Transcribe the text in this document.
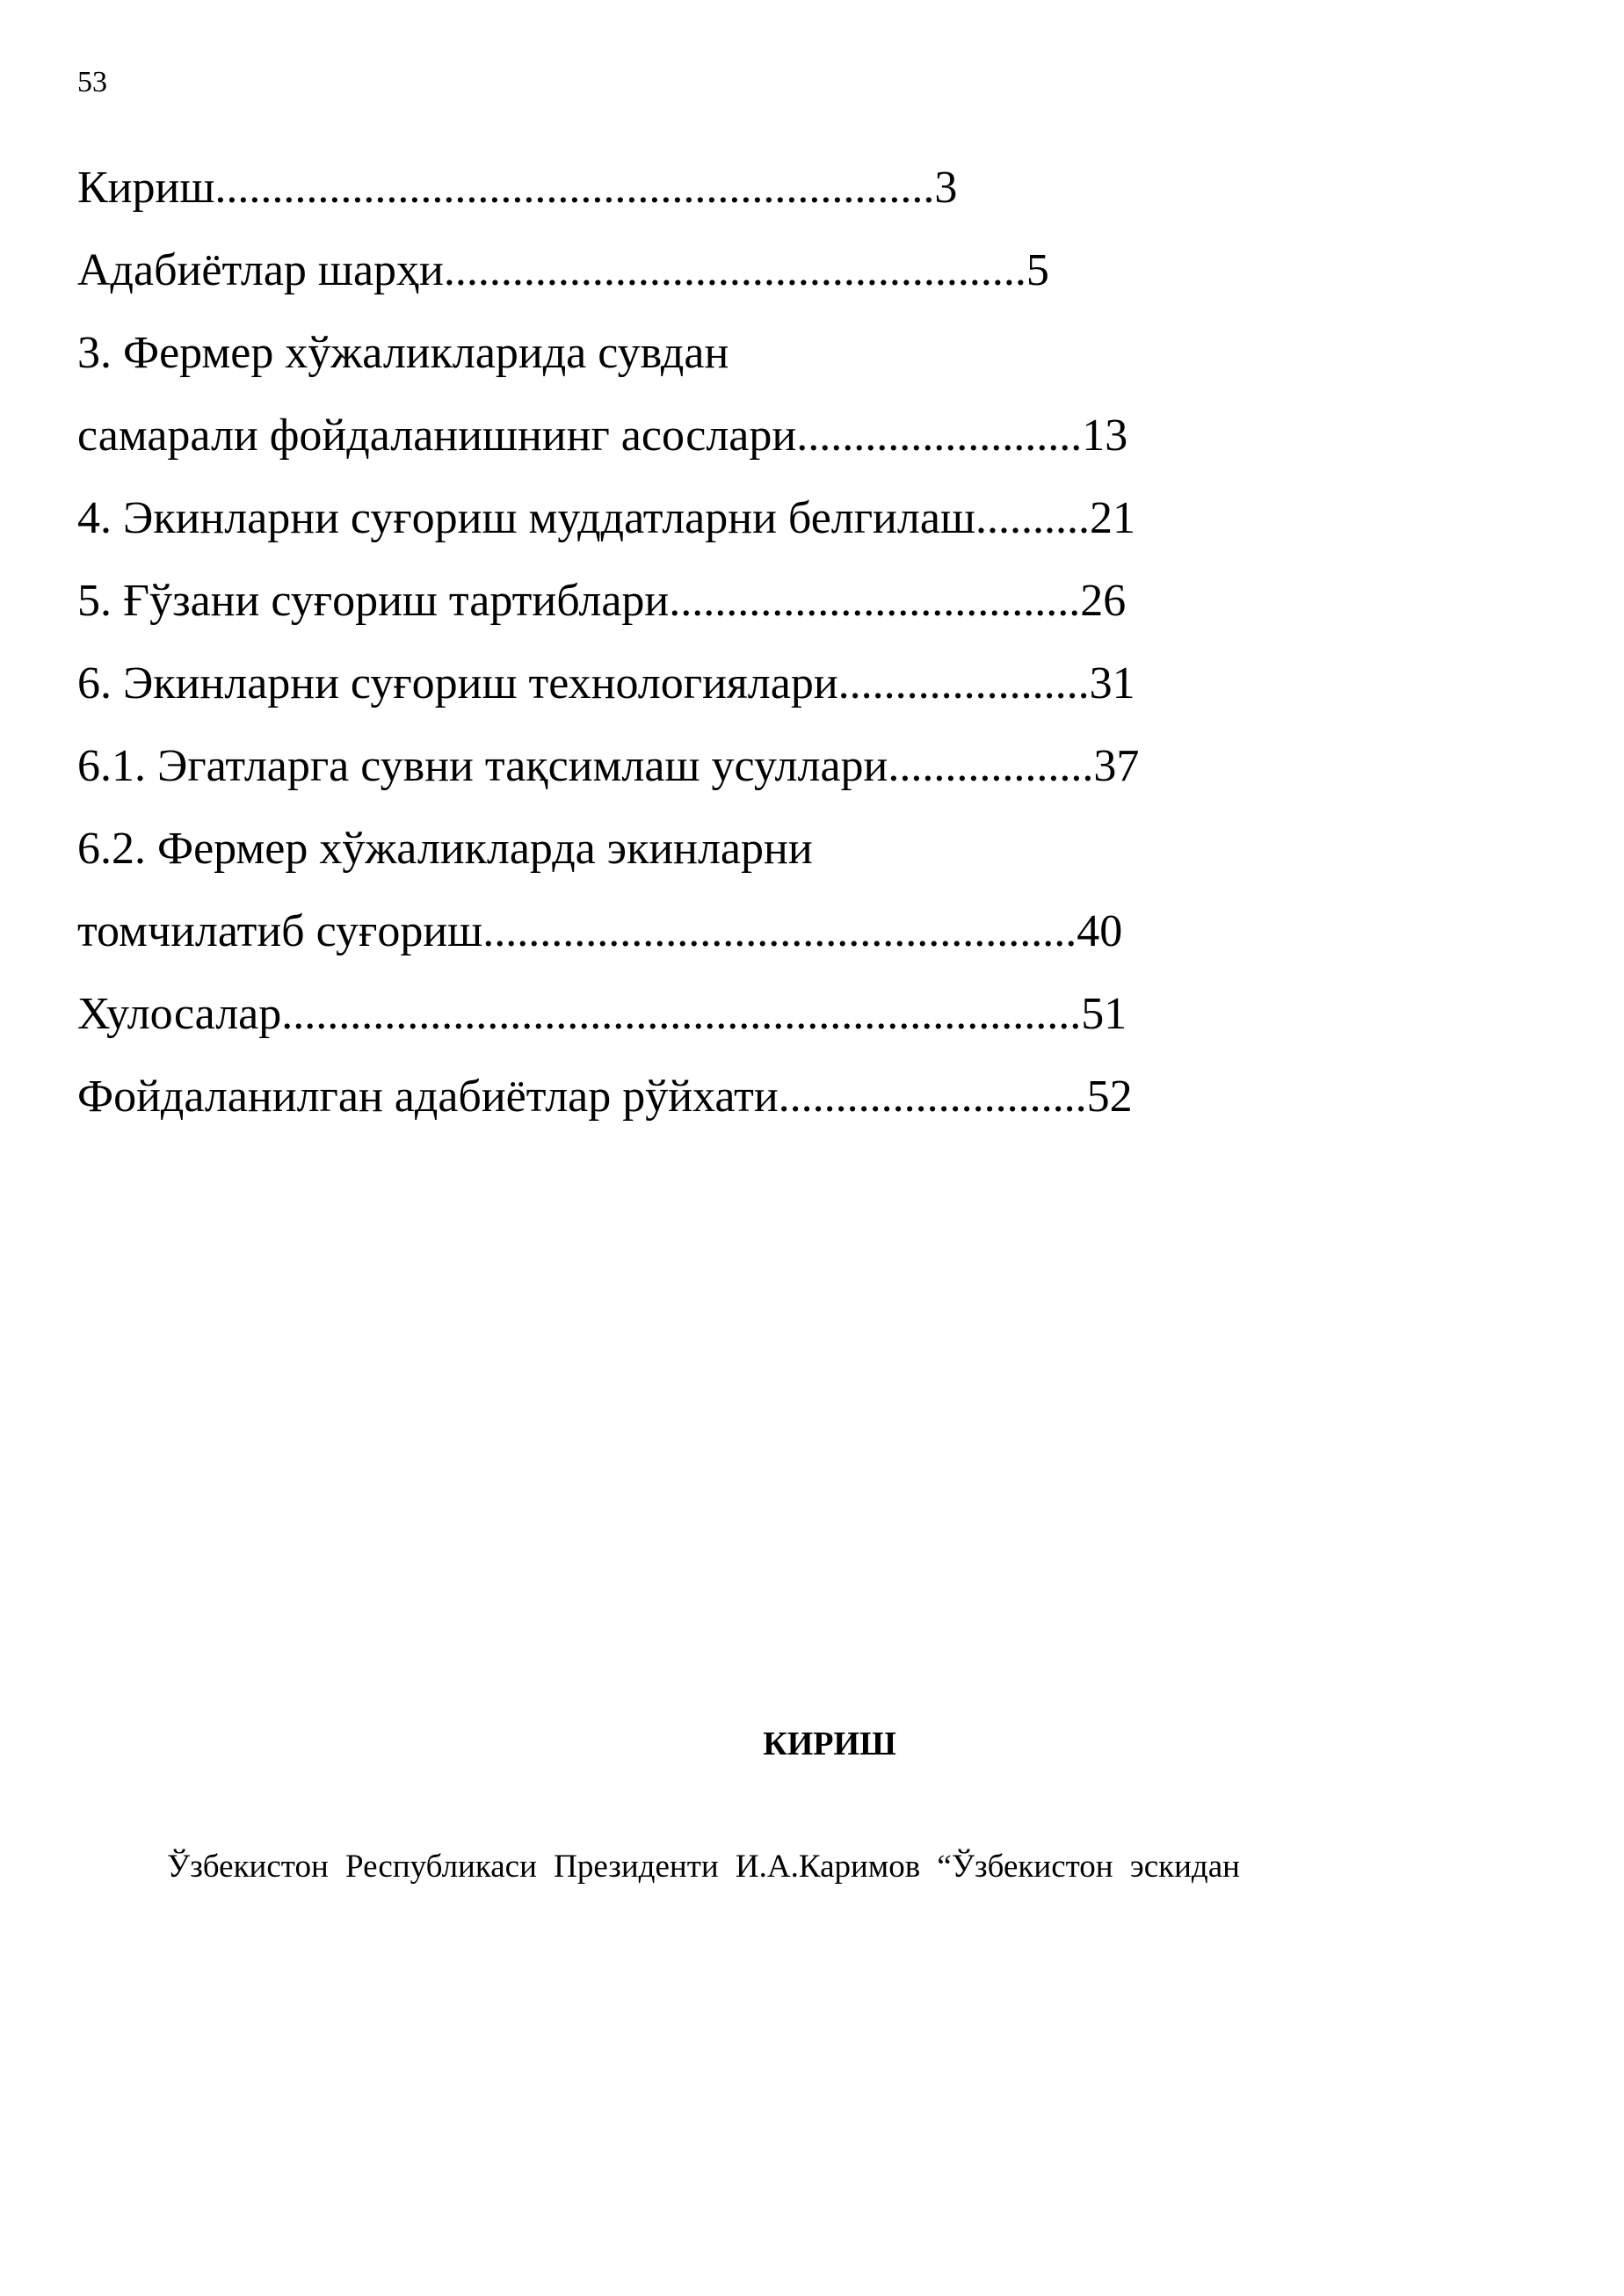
53
Кириш...............................................................3
Адабиётлар шарҳи...................................................5
3. Фермер хўжаликларида сувдан
самарали фойдаланишнинг асослари.........................13
4. Экинларни суғориш муддатларни белгилаш..........21
5. Ғўзани суғориш тартиблари....................................26
6. Экинларни суғориш технологиялари......................31
6.1. Эгатларга сувни тақсимлаш усуллари..................37
6.2. Фермер хўжаликларда экинларни
томчилатиб суғориш....................................................40
Хулосалар......................................................................51
Фойдаланилган адабиётлар рўйхати...........................52
КИРИШ
Ўзбекистон Республикаси Президенти И.А.Каримов “Ўзбекистон эскидан
